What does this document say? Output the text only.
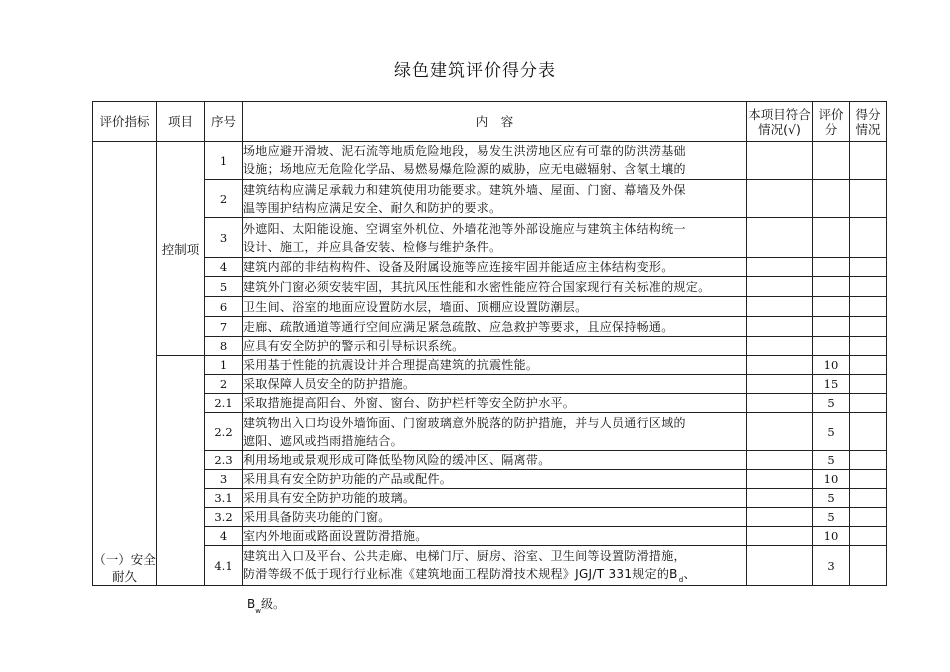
绿色建筑评价得分表
评价指标	项目	序号	内　容	本项目符合情况(√)	评价分	得分情况
（一）安全耐久	控制项	1	场地应避开滑坡、泥石流等地质危险地段，易发生洪涝地区应有可靠的防洪涝基础
设施；场地应无危险化学品、易燃易爆危险源的威胁，应无电磁辐射、含氡土壤的			

		2	建筑结构应满足承载力和建筑使用功能要求。建筑外墙、屋面、门窗、幕墙及外保
温等围护结构应满足安全、耐久和防护的要求。			

		3	外遮阳、太阳能设施、空调室外机位、外墙花池等外部设施应与建筑主体结构统一
设计、施工，并应具备安装、检修与维护条件。			

		4	建筑内部的非结构构件、设备及附属设施等应连接牢固并能适应主体结构变形。			

		5	建筑外门窗必须安装牢固，其抗风压性能和水密性能应符合国家现行有关标准的规定。			

		6	卫生间、浴室的地面应设置防水层，墙面、顶棚应设置防潮层。			

		7	走廊、疏散通道等通行空间应满足紧急疏散、应急救护等要求，且应保持畅通。			

		8	应具有安全防护的警示和引导标识系统。			

		1	采用基于性能的抗震设计并合理提高建筑的抗震性能。		10	
		2	采取保障人员安全的防护措施。		15	
		2.1	采取措施提高阳台、外窗、窗台、防护栏杆等安全防护水平。		5	
		2.2	建筑物出入口均设外墙饰面、门窗玻璃意外脱落的防护措施，并与人员通行区域的
遮阳、遮风或挡雨措施结合。		5	
		2.3	利用场地或景观形成可降低坠物风险的缓冲区、隔离带。		5	
		3	采用具有安全防护功能的产品或配件。		10	
		3.1	采用具有安全防护功能的玻璃。		5	
		3.2	采用具备防夹功能的门窗。		5	
		4	室内外地面或路面设置防滑措施。		10	
		4.1	建筑出入口及平台、公共走廊、电梯门厅、厨房、浴室、卫生间等设置防滑措施，
防滑等级不低于现行行业标准《建筑地面工程防滑技术规程》JGJ/T 331规定的$B_d$、		3	
$B_w$级。
